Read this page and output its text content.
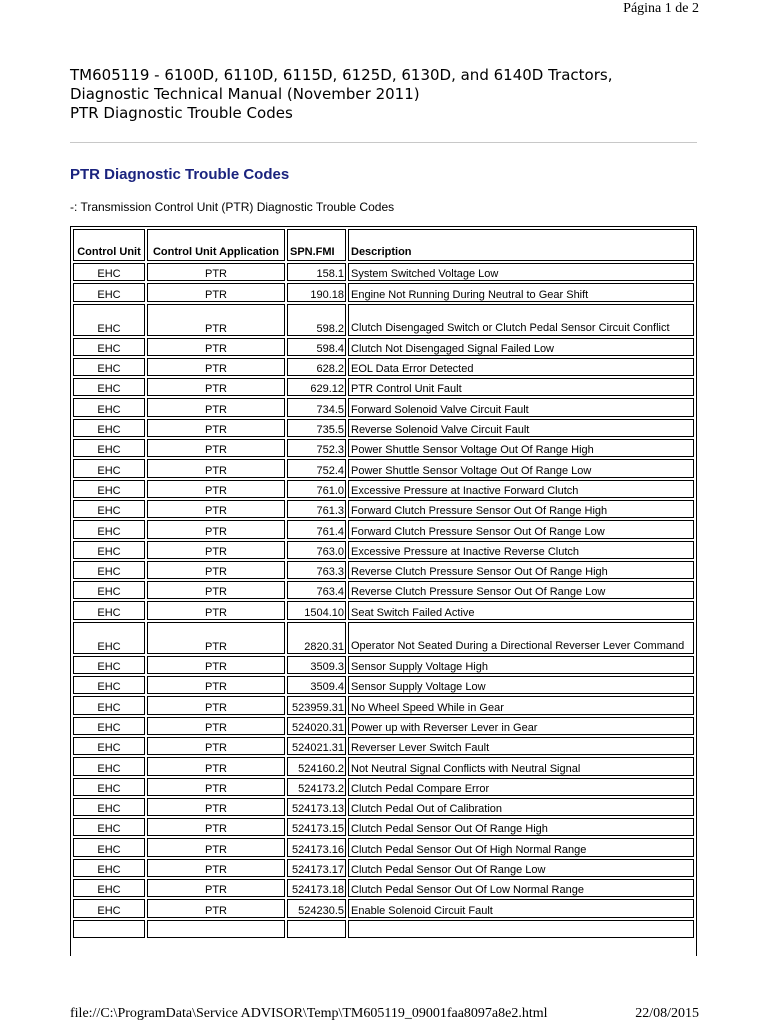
Página 1 de 2
TM605119 - 6100D, 6110D, 6115D, 6125D, 6130D, and 6140D Tractors,
Diagnostic Technical Manual (November 2011)
PTR Diagnostic Trouble Codes
PTR Diagnostic Trouble Codes
-: Transmission Control Unit (PTR) Diagnostic Trouble Codes
Control Unit	Control Unit Application	SPN.FMI	Description
EHC	PTR	158.1	System Switched Voltage Low
EHC	PTR	190.18	Engine Not Running During Neutral to Gear Shift
EHC	PTR	598.2	Clutch Disengaged Switch or Clutch Pedal Sensor Circuit Conflict
EHC	PTR	598.4	Clutch Not Disengaged Signal Failed Low
EHC	PTR	628.2	EOL Data Error Detected
EHC	PTR	629.12	PTR Control Unit Fault
EHC	PTR	734.5	Forward Solenoid Valve Circuit Fault
EHC	PTR	735.5	Reverse Solenoid Valve Circuit Fault
EHC	PTR	752.3	Power Shuttle Sensor Voltage Out Of Range High
EHC	PTR	752.4	Power Shuttle Sensor Voltage Out Of Range Low
EHC	PTR	761.0	Excessive Pressure at Inactive Forward Clutch
EHC	PTR	761.3	Forward Clutch Pressure Sensor Out Of Range High
EHC	PTR	761.4	Forward Clutch Pressure Sensor Out Of Range Low
EHC	PTR	763.0	Excessive Pressure at Inactive Reverse Clutch
EHC	PTR	763.3	Reverse Clutch Pressure Sensor Out Of Range High
EHC	PTR	763.4	Reverse Clutch Pressure Sensor Out Of Range Low
EHC	PTR	1504.10	Seat Switch Failed Active
EHC	PTR	2820.31	Operator Not Seated During a Directional Reverser Lever Command
EHC	PTR	3509.3	Sensor Supply Voltage High
EHC	PTR	3509.4	Sensor Supply Voltage Low
EHC	PTR	523959.31	No Wheel Speed While in Gear
EHC	PTR	524020.31	Power up with Reverser Lever in Gear
EHC	PTR	524021.31	Reverser Lever Switch Fault
EHC	PTR	524160.2	Not Neutral Signal Conflicts with Neutral Signal
EHC	PTR	524173.2	Clutch Pedal Compare Error
EHC	PTR	524173.13	Clutch Pedal Out of Calibration
EHC	PTR	524173.15	Clutch Pedal Sensor Out Of Range High
EHC	PTR	524173.16	Clutch Pedal Sensor Out Of High Normal Range
EHC	PTR	524173.17	Clutch Pedal Sensor Out Of Range Low
EHC	PTR	524173.18	Clutch Pedal Sensor Out Of Low Normal Range
EHC	PTR	524230.5	Enable Solenoid Circuit Fault

file://C:\ProgramData\Service ADVISOR\Temp\TM605119_09001faa8097a8e2.html	22/08/2015
